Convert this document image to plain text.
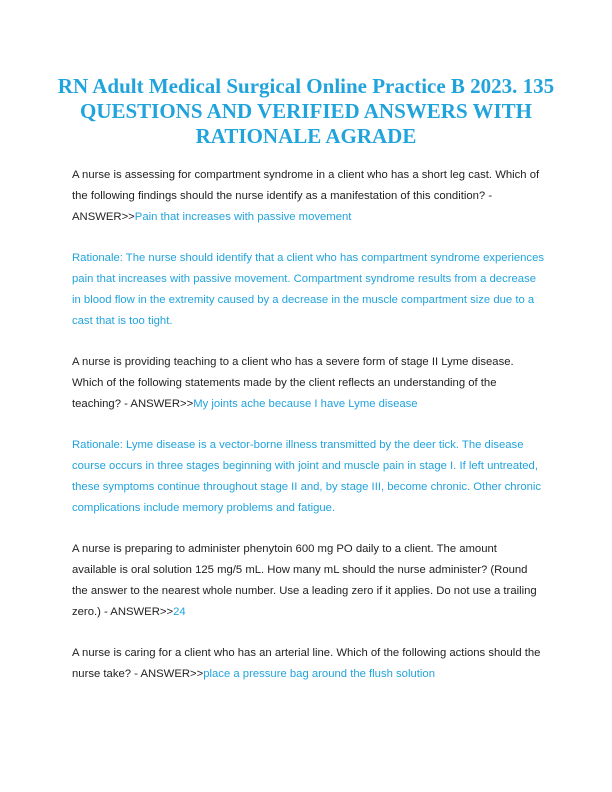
RN Adult Medical Surgical Online Practice B 2023. 135 QUESTIONS AND VERIFIED ANSWERS WITH RATIONALE AGRADE

A nurse is assessing for compartment syndrome in a client who has a short leg cast. Which of the following findings should the nurse identify as a manifestation of this condition? - ANSWER>>Pain that increases with passive movement

Rationale: The nurse should identify that a client who has compartment syndrome experiences pain that increases with passive movement. Compartment syndrome results from a decrease in blood flow in the extremity caused by a decrease in the muscle compartment size due to a cast that is too tight.

A nurse is providing teaching to a client who has a severe form of stage II Lyme disease. Which of the following statements made by the client reflects an understanding of the teaching? - ANSWER>>My joints ache because I have Lyme disease

Rationale: Lyme disease is a vector-borne illness transmitted by the deer tick. The disease course occurs in three stages beginning with joint and muscle pain in stage I. If left untreated, these symptoms continue throughout stage II and, by stage III, become chronic. Other chronic complications include memory problems and fatigue.

A nurse is preparing to administer phenytoin 600 mg PO daily to a client. The amount available is oral solution 125 mg/5 mL. How many mL should the nurse administer? (Round the answer to the nearest whole number. Use a leading zero if it applies. Do not use a trailing zero.) - ANSWER>>24

A nurse is caring for a client who has an arterial line. Which of the following actions should the nurse take? - ANSWER>>place a pressure bag around the flush solution
